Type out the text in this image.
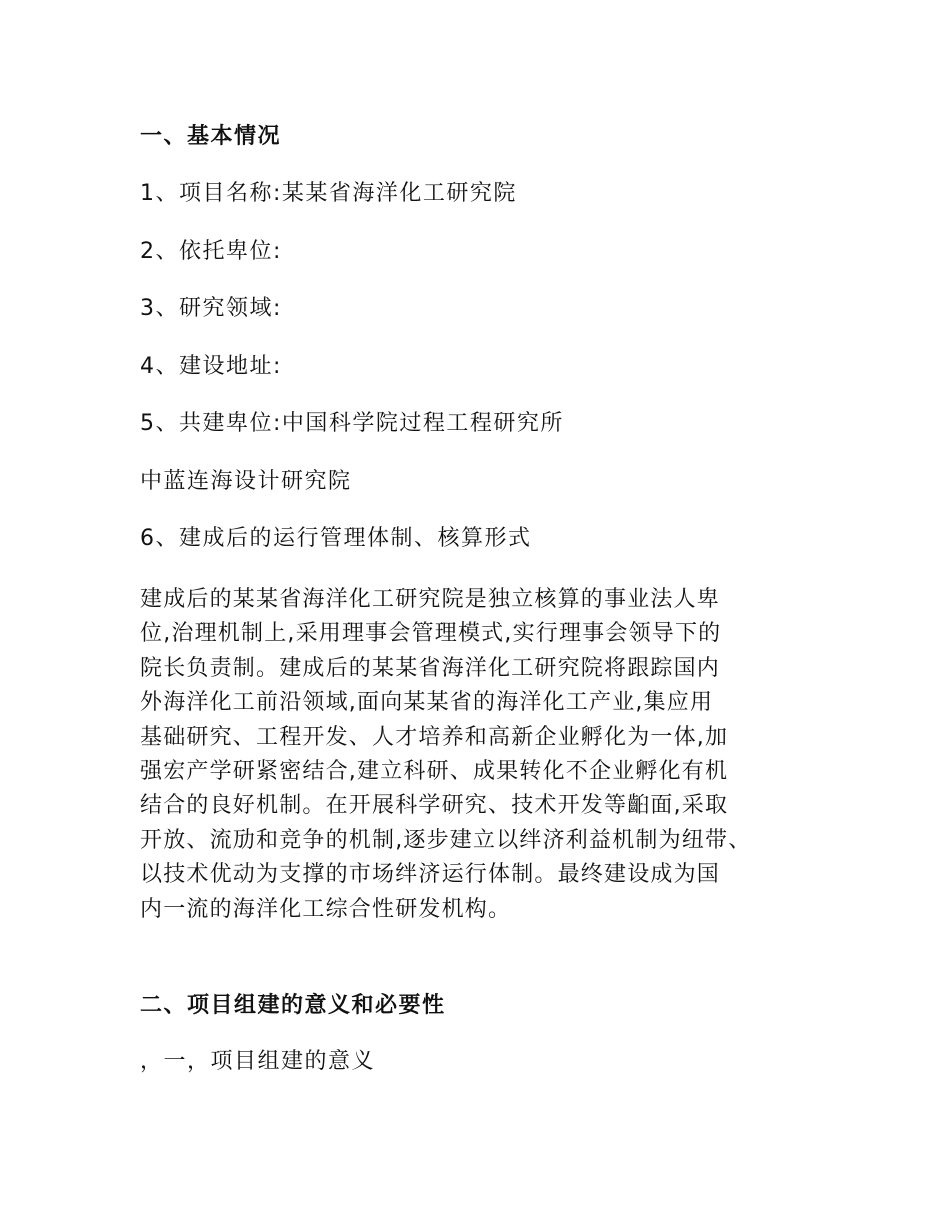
一、基本情况
1、项目名称:某某省海洋化工研究院
2、依托卑位:
3、研究领域:
4、建设地址:
5、共建卑位:中国科学院过程工程研究所
中蓝连海设计研究院
6、建成后的运行管理体制、核算形式
建成后的某某省海洋化工研究院是独立核算的事业法人卑
位,治理机制上,采用理事会管理模式,实行理事会领导下的
院长负责制。建成后的某某省海洋化工研究院将跟踪国内
外海洋化工前沿领域,面向某某省的海洋化工产业,集应用
基础研究、工程开发、人才培养和高新企业孵化为一体,加
强宏产学研紧密结合,建立科研、成果转化不企业孵化有机
结合的良好机制。在开展科学研究、技术开发等齨面,采取
开放、流劢和竞争的机制,逐步建立以绊济利益机制为纽带、
以技术优动为支撑的市场绊济运行体制。最终建设成为国
内一流的海洋化工综合性研发机构。
二、项目组建的意义和必要性
，一，项目组建的意义
